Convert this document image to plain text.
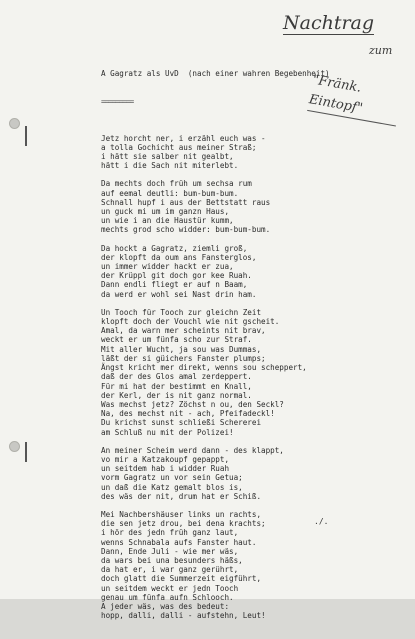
Nachtrag
zum
"Fränk. Eintopf"

A Gagratz als UvD  (nach einer wahren Begebenheit)

=========

Jetz horcht ner, i erzähl euch was -
a tolla Gochicht aus meiner Straß;
i hätt sie salber nit gealbt,
hätt i die Sach nit miterlebt.
Da mechts doch früh um sechsa rum
auf eemal deutli: bum-bum-bum.
Schnall hupf i aus der Bettstatt raus
un guck mi um im ganzn Haus,
un wie i an die Haustür kumm,
mechts grod scho widder: bum-bum-bum.
Da hockt a Gagratz, ziemli groß,
der klopft da oum ans Fansterglos,
un immer widder hackt er zua,
der Krüppl git doch gor kee Ruah.
Dann endli fliegt er auf n Baam,
da werd er wohl sei Nast drin ham.
Un Tooch für Tooch zur gleichn Zeit
klopft doch der Vouchl wie nit gscheit.
Amal, da warn mer scheints nit brav,
weckt er um fünfa scho zur Straf.
Mit aller Wucht, ja sou was Dummas,
läßt der si güichers Fanster plumps;
Ängst kricht mer direkt, wenns sou scheppert,
daß der des Glos amal zerdeppert.
Für mi hat der bestimmt en Knall,
der Kerl, der is nit ganz normal.
Was mechst jetz? Zöchst n ou, den Seckl?
Na, des mechst nit - ach, Pfeifadeckl!
Du krichst sunst schließi Schererei
am Schluß nu mit der Polizei!
An meiner Scheim werd dann - des klappt,
vo mir a Katzakoupf gepappt,
un seitdem hab i widder Ruah
vorm Gagratz un vor sein Getua;
un daß die Katz gemalt blos is,
des wäs der nit, drum hat er Schiß.
Mei Nachbershäuser links un rachts,
die sen jetz drou, bei dena krachts;
i hör des jedn früh ganz laut,
wenns Schnabala aufs Fanster haut.
Dann, Ende Juli - wie mer wäs,
da wars bei una besunders häßs,
da hat er, i war ganz gerührt,
doch glatt die Summerzeit eigführt,
un seitdem weckt er jedn Tooch
genau um fünfa aufn Schlooch.
A jeder wäs, was des bedeut:
hopp, dalli, dalli - aufstehn, Leut!

./.
